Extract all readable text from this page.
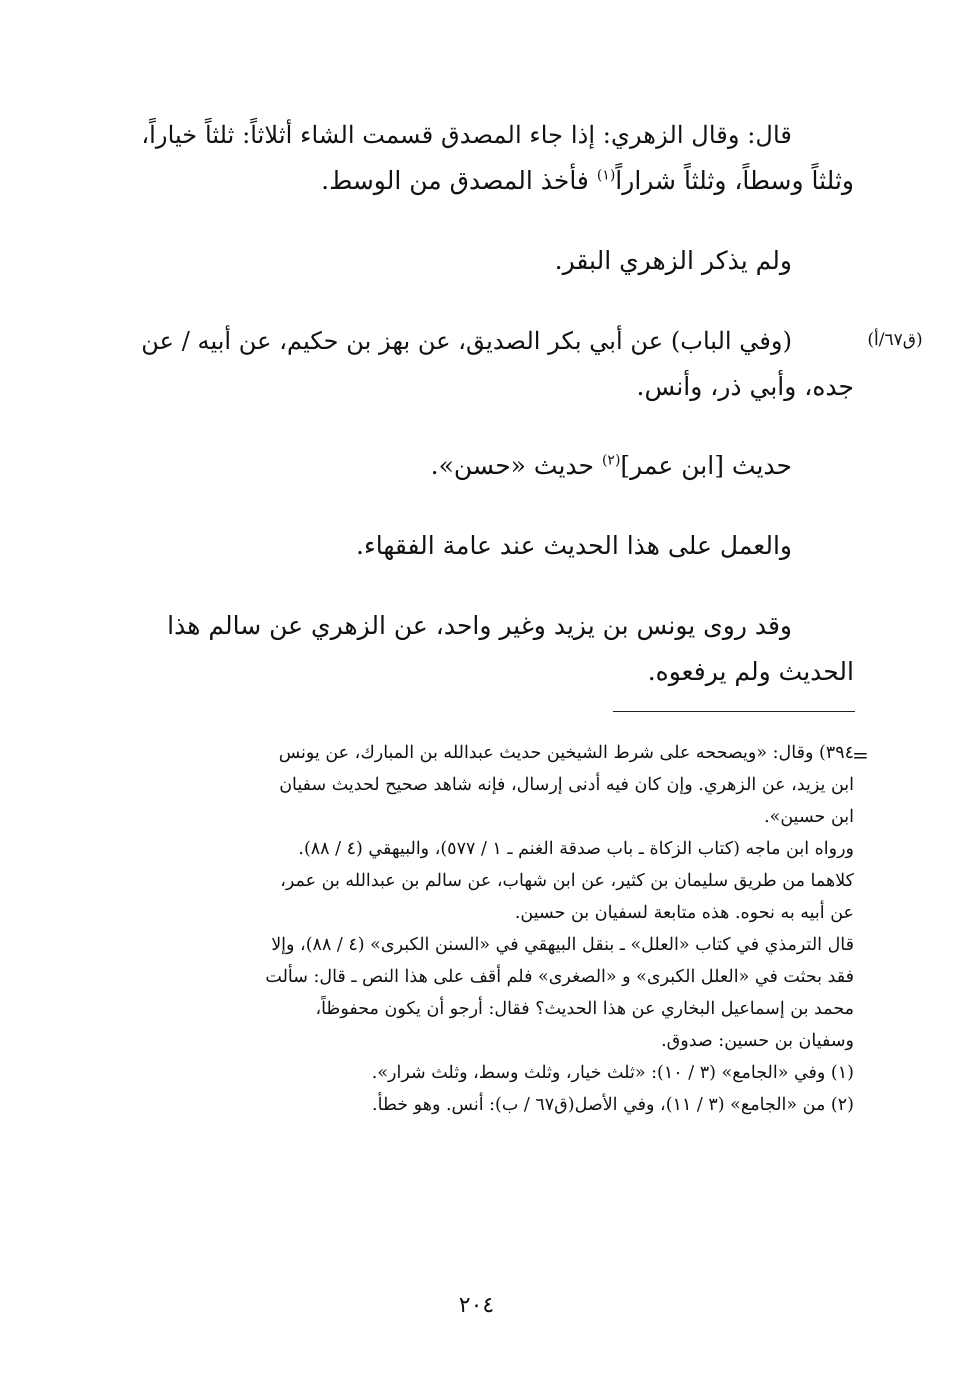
قال: وقال الزهري: إذا جاء المصدق قسمت الشاء أثلاثاً: ثلثاً خياراً،
وثلثاً وسطاً، وثلثاً شراراً$^{(١)}$ فأخذ المصدق من الوسط.
ولم يذكر الزهري البقر.
(وفي الباب) عن أبي بكر الصديق، عن بهز بن حكيم، عن أبيه / عن
جده، وأبي ذر، وأنس.
(ق٦٧/أ)
حديث [ابن عمر]$^{(٢)}$ حديث «حسن».
والعمل على هذا الحديث عند عامة الفقهاء.
وقد روى يونس بن يزيد وغير واحد، عن الزهري عن سالم هذا
الحديث ولم يرفعوه.
=
٣٩٤) وقال: «ويصححه على شرط الشيخين حديث عبدالله بن المبارك، عن يونس
ابن يزيد، عن الزهري. وإن كان فيه أدنى إرسال، فإنه شاهد صحيح لحديث سفيان
ابن حسين».
ورواه ابن ماجه (كتاب الزكاة ـ باب صدقة الغنم ـ ١ / ٥٧٧)، والبيهقي (٤ / ٨٨).
كلاهما من طريق سليمان بن كثير، عن ابن شهاب، عن سالم بن عبدالله بن عمر،
عن أبيه به نحوه. هذه متابعة لسفيان بن حسين.
قال الترمذي في كتاب «العلل» ـ بنقل البيهقي في «السنن الكبرى» (٤ / ٨٨)، وإلا
فقد بحثت في «العلل الكبرى» و «الصغرى» فلم أقف على هذا النص ـ قال: سألت
محمد بن إسماعيل البخاري عن هذا الحديث؟ فقال: أرجو أن يكون محفوظاً،
وسفيان بن حسين: صدوق.
(١) وفي «الجامع» (٣ / ١٠): «ثلث خيار، وثلث وسط، وثلث شرار».
(٢) من «الجامع» (٣ / ١١)، وفي الأصل(ق٦٧ / ب): أنس. وهو خطأ.
٢٠٤
